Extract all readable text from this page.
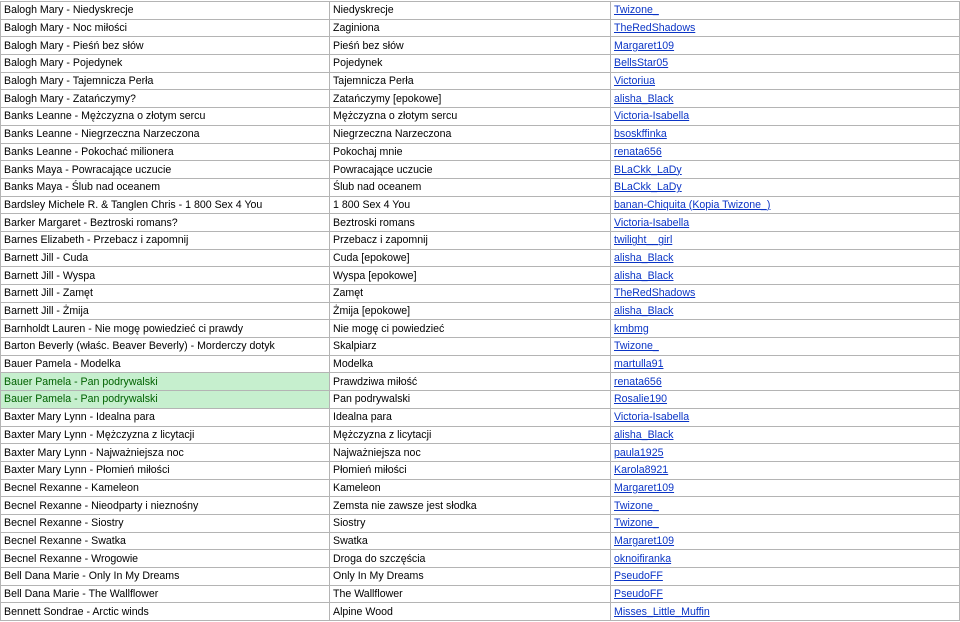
Balogh Mary - Niedyskrecje	Niedyskrecje	Twizone_
Balogh Mary - Noc miłości	Zaginiona	TheRedShadows
Balogh Mary - Pieśń bez słów	Pieśń bez słów	Margaret109
Balogh Mary - Pojedynek	Pojedynek	BellsStar05
Balogh Mary - Tajemnicza Perła	Tajemnicza Perła	Victoriua
Balogh Mary - Zatańczymy?	Zatańczymy [epokowe]	alisha_Black
Banks Leanne - Mężczyzna o złotym sercu	Mężczyzna o złotym sercu	Victoria-Isabella
Banks Leanne - Niegrzeczna Narzeczona	Niegrzeczna Narzeczona	bsoskffinka
Banks Leanne - Pokochać milionera	Pokochaj mnie	renata656
Banks Maya - Powracające uczucie	Powracające uczucie	BLaCkk_LaDy
Banks Maya - Ślub nad oceanem	Ślub nad oceanem	BLaCkk_LaDy
Bardsley Michele R. & Tanglen Chris - 1 800 Sex 4 You	1 800 Sex 4 You	banan-Chiquita (Kopia Twizone_)
Barker Margaret - Beztroski romans?	Beztroski romans	Victoria-Isabella
Barnes Elizabeth - Przebacz i zapomnij	Przebacz i zapomnij	twilight__girl
Barnett Jill - Cuda	Cuda [epokowe]	alisha_Black
Barnett Jill - Wyspa	Wyspa [epokowe]	alisha_Black
Barnett Jill - Zamęt	Zamęt	TheRedShadows
Barnett Jill - Żmija	Żmija [epokowe]	alisha_Black
Barnholdt Lauren - Nie mogę powiedzieć ci prawdy	Nie mogę ci powiedzieć	kmbmg
Barton Beverly (właśc. Beaver Beverly) - Morderczy dotyk	Skalpiarz	Twizone_
Bauer Pamela - Modelka	Modelka	martulla91
Bauer Pamela - Pan podrywalski	Prawdziwa miłość	renata656
Bauer Pamela - Pan podrywalski	Pan podrywalski	Rosalie190
Baxter Mary Lynn - Idealna para	Idealna para	Victoria-Isabella
Baxter Mary Lynn - Mężczyzna z licytacji	Mężczyzna z licytacji	alisha_Black
Baxter Mary Lynn - Najważniejsza noc	Najważniejsza noc	paula1925
Baxter Mary Lynn - Płomień miłości	Płomień miłości	Karola8921
Becnel Rexanne - Kameleon	Kameleon	Margaret109
Becnel Rexanne - Nieodparty i nieznośny	Zemsta nie zawsze jest słodka	Twizone_
Becnel Rexanne - Siostry	Siostry	Twizone_
Becnel Rexanne - Swatka	Swatka	Margaret109
Becnel Rexanne - Wrogowie	Droga do szczęścia	oknoifiranka
Bell Dana Marie - Only In My Dreams	Only In My Dreams	PseudoFF
Bell Dana Marie - The Wallflower	The Wallflower	PseudoFF
Bennett Sondrae - Arctic winds	Alpine Wood	Misses_Little_Muffin
